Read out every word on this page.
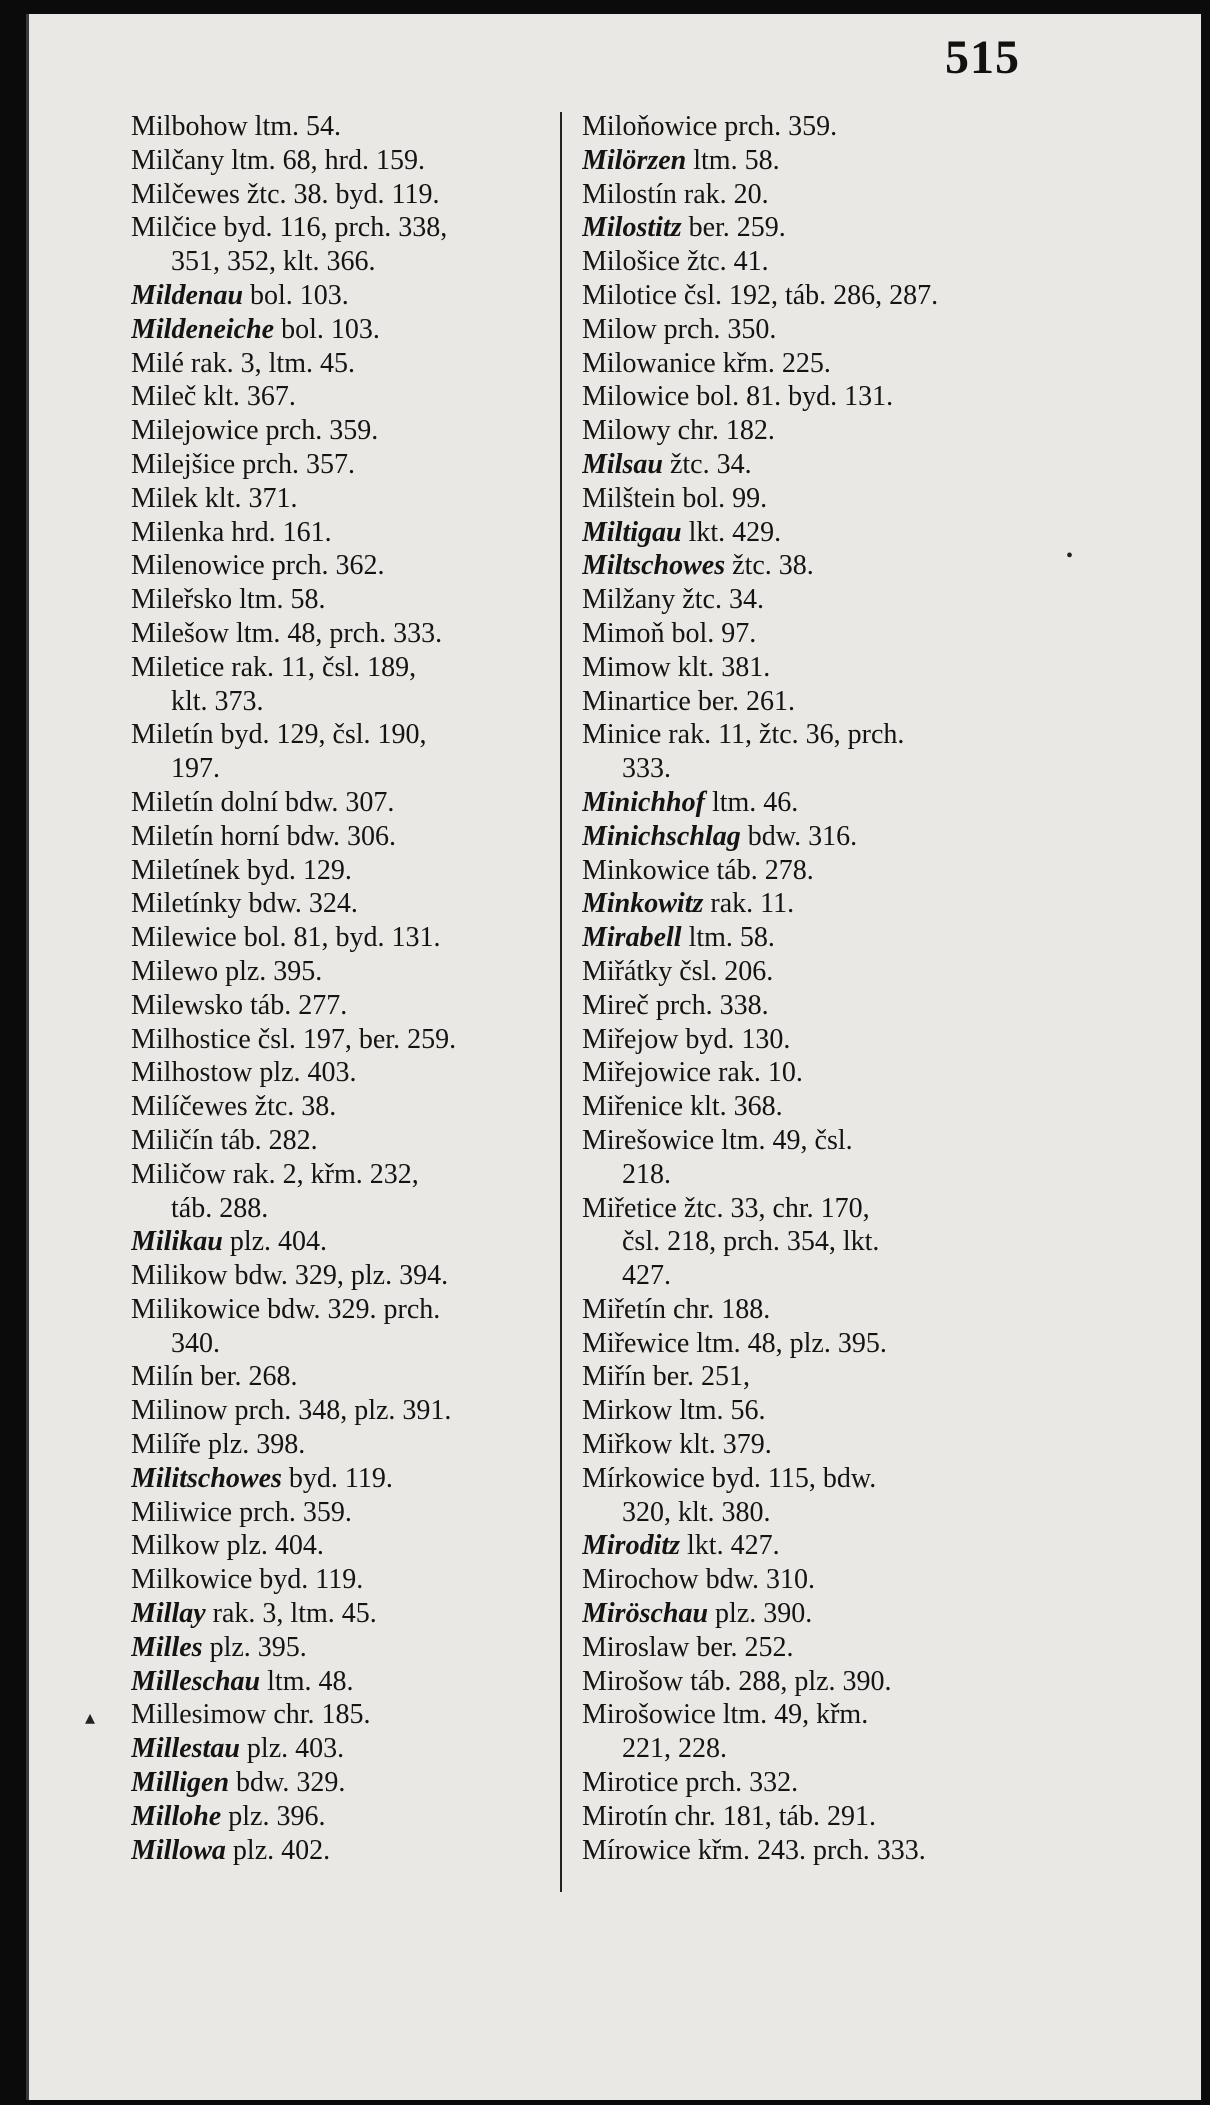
515
Milbohow ltm. 54.
Milčany ltm. 68, hrd. 159.
Milčewes žtc. 38. byd. 119.
Milčice byd. 116, prch. 338,
351, 352, klt. 366.
Mildenau bol. 103.
Mildeneiche bol. 103.
Milé rak. 3, ltm. 45.
Mileč klt. 367.
Milejowice prch. 359.
Milejšice prch. 357.
Milek klt. 371.
Milenka hrd. 161.
Milenowice prch. 362.
Mileřsko ltm. 58.
Milešow ltm. 48, prch. 333.
Miletice rak. 11, čsl. 189,
klt. 373.
Miletín byd. 129, čsl. 190,
197.
Miletín dolní bdw. 307.
Miletín horní bdw. 306.
Miletínek byd. 129.
Miletínky bdw. 324.
Milewice bol. 81, byd. 131.
Milewo plz. 395.
Milewsko táb. 277.
Milhostice čsl. 197, ber. 259.
Milhostow plz. 403.
Milíčewes žtc. 38.
Miličín táb. 282.
Miličow rak. 2, křm. 232,
táb. 288.
Milikau plz. 404.
Milikow bdw. 329, plz. 394.
Milikowice bdw. 329. prch.
340.
Milín ber. 268.
Milinow prch. 348, plz. 391.
Milíře plz. 398.
Militschowes byd. 119.
Miliwice prch. 359.
Milkow plz. 404.
Milkowice byd. 119.
Millay rak. 3, ltm. 45.
Milles plz. 395.
Milleschau ltm. 48.
Millesimow chr. 185.
Millestau plz. 403.
Milligen bdw. 329.
Millohe plz. 396.
Millowa plz. 402.
Miloňowice prch. 359.
Milörzen ltm. 58.
Milostín rak. 20.
Milostitz ber. 259.
Milošice žtc. 41.
Milotice čsl. 192, táb. 286, 287.
Milow prch. 350.
Milowanice křm. 225.
Milowice bol. 81. byd. 131.
Milowy chr. 182.
Milsau žtc. 34.
Milštein bol. 99.
Miltigau lkt. 429.
Miltschowes žtc. 38.
Milžany žtc. 34.
Mimoň bol. 97.
Mimow klt. 381.
Minartice ber. 261.
Minice rak. 11, žtc. 36, prch.
333.
Minichhof ltm. 46.
Minichschlag bdw. 316.
Minkowice táb. 278.
Minkowitz rak. 11.
Mirabell ltm. 58.
Miřátky čsl. 206.
Mireč prch. 338.
Miřejow byd. 130.
Miřejowice rak. 10.
Miřenice klt. 368.
Mirešowice ltm. 49, čsl.
218.
Miřetice žtc. 33, chr. 170,
čsl. 218, prch. 354, lkt.
427.
Miřetín chr. 188.
Miřewice ltm. 48, plz. 395.
Miřín ber. 251,
Mirkow ltm. 56.
Miřkow klt. 379.
Mírkowice byd. 115, bdw.
320, klt. 380.
Miroditz lkt. 427.
Mirochow bdw. 310.
Miröschau plz. 390.
Miroslaw ber. 252.
Mirošow táb. 288, plz. 390.
Mirošowice ltm. 49, křm.
221, 228.
Mirotice prch. 332.
Mirotín chr. 181, táb. 291.
Mírowice křm. 243. prch. 333.
•
▴
